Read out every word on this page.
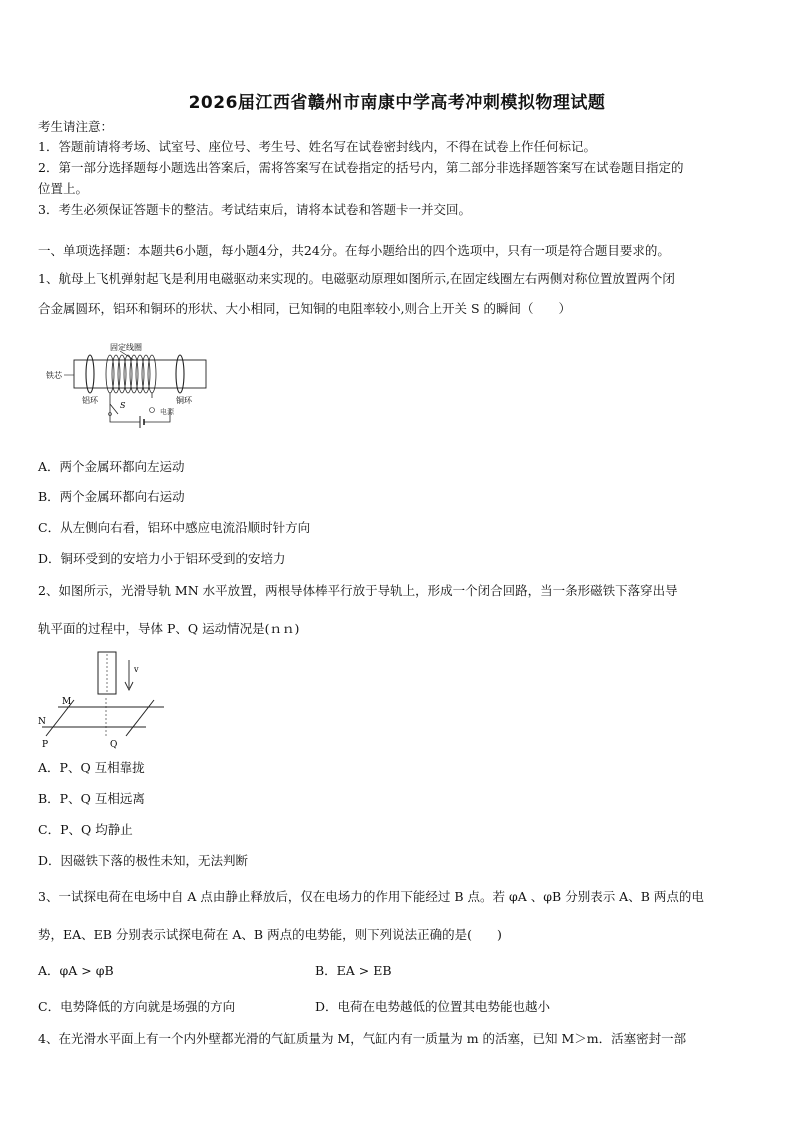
2026届江西省赣州市南康中学高考冲刺模拟物理试题
考生请注意：
1．答题前请将考场、试室号、座位号、考生号、姓名写在试卷密封线内，不得在试卷上作任何标记。
2．第一部分选择题每小题选出答案后，需将答案写在试卷指定的括号内，第二部分非选择题答案写在试卷题目指定的
位置上。
3．考生必须保证答题卡的整洁。考试结束后，请将本试卷和答题卡一并交回。
一、单项选择题：本题共6小题，每小题4分，共24分。在每小题给出的四个选项中，只有一项是符合题目要求的。
1、航母上飞机弹射起飞是利用电磁驱动来实现的。电磁驱动原理如图所示,在固定线圈左右两侧对称位置放置两个闭
合金属圆环，铝环和铜环的形状、大小相同，已知铜的电阻率较小,则合上开关 S 的瞬间（　　）
固定线圈
铁芯
铝环	铜环
S
电源
A．两个金属环都向左运动
B．两个金属环都向右运动
C．从左侧向右看，铝环中感应电流沿顺时针方向
D．铜环受到的安培力小于铝环受到的安培力
2、如图所示，光滑导轨 MN 水平放置，两根导体棒平行放于导轨上，形成一个闭合回路，当一条形磁铁下落穿出导
轨平面的过程中，导体 P、Q 运动情况是(ｎｎ)
v
M
N
P	Q
A．P、Q 互相靠拢
B．P、Q 互相远离
C．P、Q 均静止
D．因磁铁下落的极性未知，无法判断
3、一试探电荷在电场中自 A 点由静止释放后，仅在电场力的作用下能经过 B 点。若 φA 、φB 分别表示 A、B 两点的电
势，EA、EB 分别表示试探电荷在 A、B 两点的电势能，则下列说法正确的是(　　)
A．φA > φB	B．EA > EB
C．电势降低的方向就是场强的方向	D．电荷在电势越低的位置其电势能也越小
4、在光滑水平面上有一个内外壁都光滑的气缸质量为 M，气缸内有一质量为 m 的活塞，已知 M＞m．活塞密封一部
